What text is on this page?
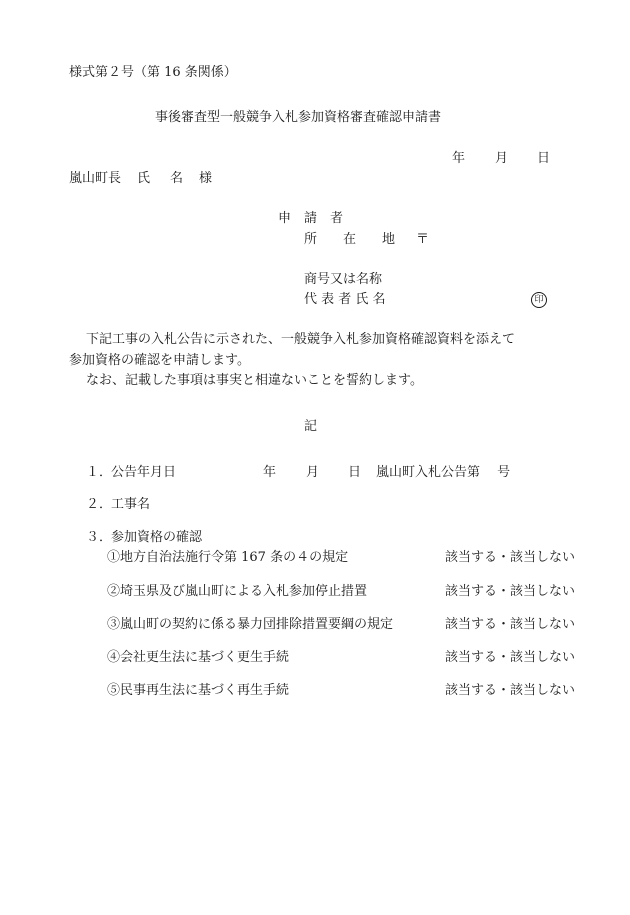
様式第２号（第 16 条関係）
事後審査型一般競争入札参加資格審査確認申請書
年 月 日
嵐山町長 氏 名 様
申　請　者
所　　在　　地 〒
商号又は名称
代 表 者 氏 名	印
下記工事の入札公告に示された、一般競争入札参加資格確認資料を添えて
参加資格の確認を申請します。
なお、記載した事項は事実と相違ないことを誓約します。
記
１．
公告年月日	年 月 日 嵐山町入札公告第　 号
２．
工事名
３．
参加資格の確認
①地方自治法施行令第 167 条の４の規定	該当する・該当しない
②埼玉県及び嵐山町による入札参加停止措置	該当する・該当しない
③嵐山町の契約に係る暴力団排除措置要綱の規定	該当する・該当しない
④会社更生法に基づく更生手続	該当する・該当しない
⑤民事再生法に基づく再生手続	該当する・該当しない
